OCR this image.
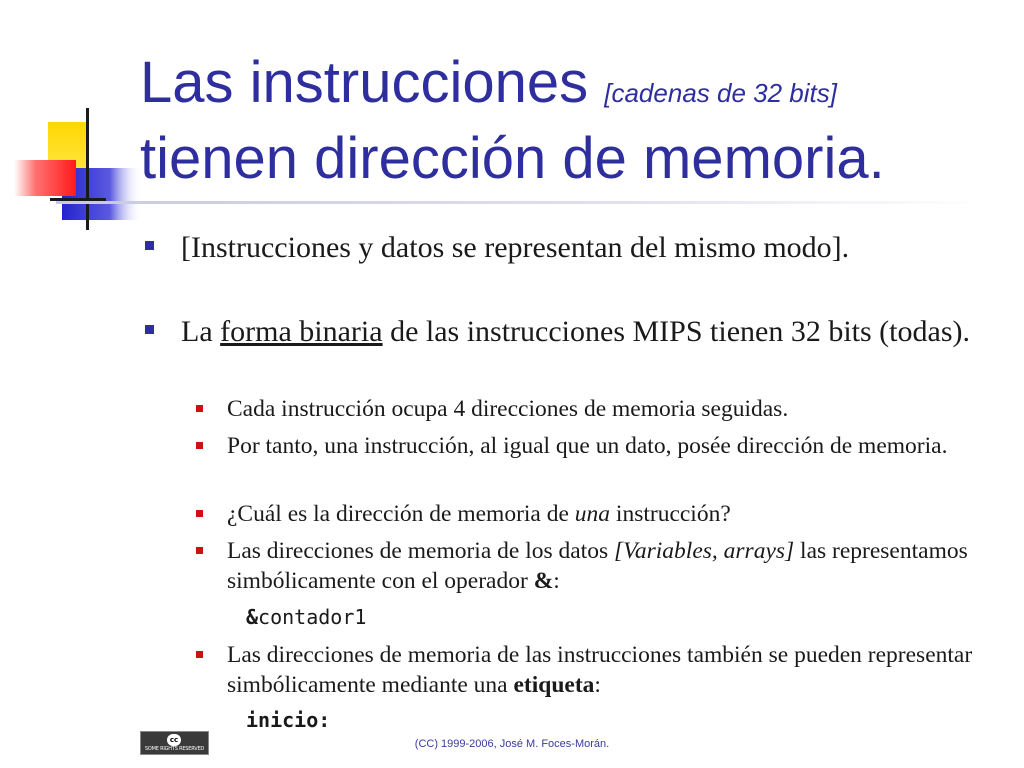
Las instrucciones [cadenas de 32 bits]
tienen dirección de memoria.
[Instrucciones y datos se representan del mismo modo].
La forma binaria de las instrucciones MIPS tienen 32 bits (todas).
Cada instrucción ocupa 4 direcciones de memoria seguidas.
Por tanto, una instrucción, al igual que un dato, posée dirección de memoria.
¿Cuál es la dirección de memoria de una instrucción?
Las direcciones de memoria de los datos [Variables, arrays] las representamos simbólicamente con el operador &:
&contador1
Las direcciones de memoria de las instrucciones también se pueden representar simbólicamente mediante una etiqueta:
inicio:
cc
SOME RIGHTS RESERVED	(CC) 1999-2006, José M. Foces-Morán.
